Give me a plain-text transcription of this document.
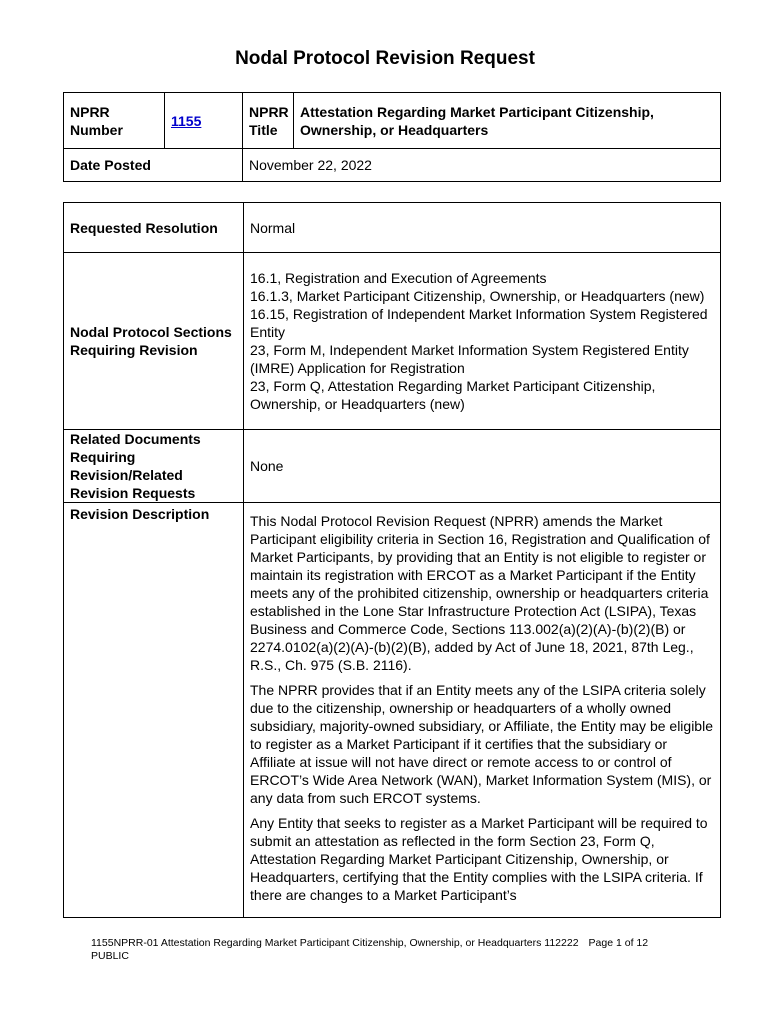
Nodal Protocol Revision Request
NPRR Number	1155	NPRR Title	Attestation Regarding Market Participant Citizenship, Ownership, or Headquarters
Date Posted		November 22, 2022	
Requested Resolution	Normal
Nodal Protocol Sections Requiring Revision	16.1, Registration and Execution of Agreements
16.1.3, Market Participant Citizenship, Ownership, or Headquarters (new)
16.15, Registration of Independent Market Information System Registered Entity
23, Form M, Independent Market Information System Registered Entity (IMRE) Application for Registration
23, Form Q, Attestation Regarding Market Participant Citizenship, Ownership, or Headquarters (new)

Related Documents Requiring Revision/Related Revision Requests	None
Revision Description	This Nodal Protocol Revision Request (NPRR) amends the Market Participant eligibility criteria in Section 16, Registration and Qualification of Market Participants, by providing that an Entity is not eligible to register or maintain its registration with ERCOT as a Market Participant if the Entity meets any of the prohibited citizenship, ownership or headquarters criteria established in the Lone Star Infrastructure Protection Act (LSIPA), Texas Business and Commerce Code, Sections 113.002(a)(2)(A)-(b)(2)(B) or 2274.0102(a)(2)(A)-(b)(2)(B), added by Act of June 18, 2021, 87th Leg., R.S., Ch. 975 (S.B. 2116).

The NPRR provides that if an Entity meets any of the LSIPA criteria solely due to the citizenship, ownership or headquarters of a wholly owned subsidiary, majority-owned subsidiary, or Affiliate, the Entity may be eligible to register as a Market Participant if it certifies that the subsidiary or Affiliate at issue will not have direct or remote access to or control of ERCOT’s Wide Area Network (WAN), Market Information System (MIS), or any data from such ERCOT systems.

Any Entity that seeks to register as a Market Participant will be required to submit an attestation as reflected in the form Section 23, Form Q, Attestation Regarding Market Participant Citizenship, Ownership, or Headquarters, certifying that the Entity complies with the LSIPA criteria. If there are changes to a Market Participant’s

1155NPRR-01 Attestation Regarding Market Participant Citizenship, Ownership, or Headquarters 112222 Page 1 of 12
PUBLIC
